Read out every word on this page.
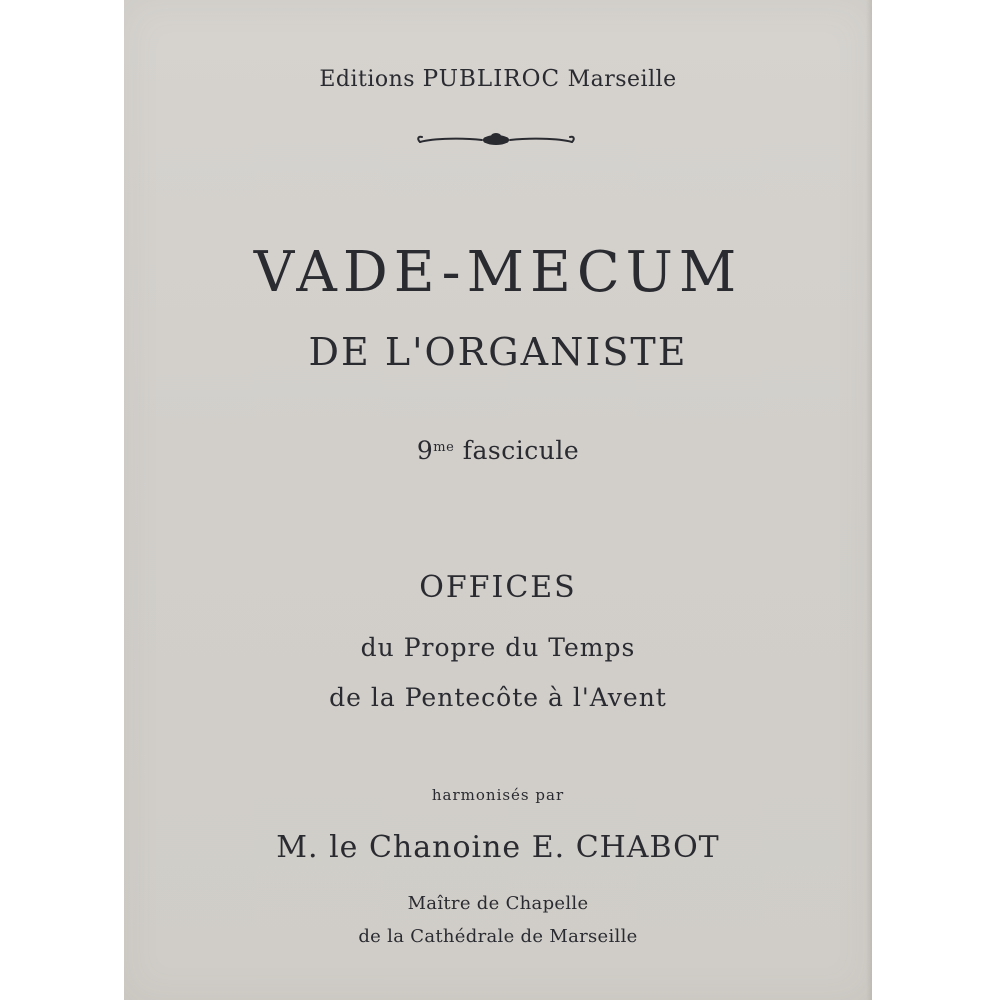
Editions PUBLIROC Marseille
VADE-MECUM
DE L'ORGANISTE
$9^{me}$ fascicule
OFFICES
du Propre du Temps
de la Pentecôte à l'Avent
harmonisés par
M. le Chanoine E. CHABOT
Maître de Chapelle
de la Cathédrale de Marseille
